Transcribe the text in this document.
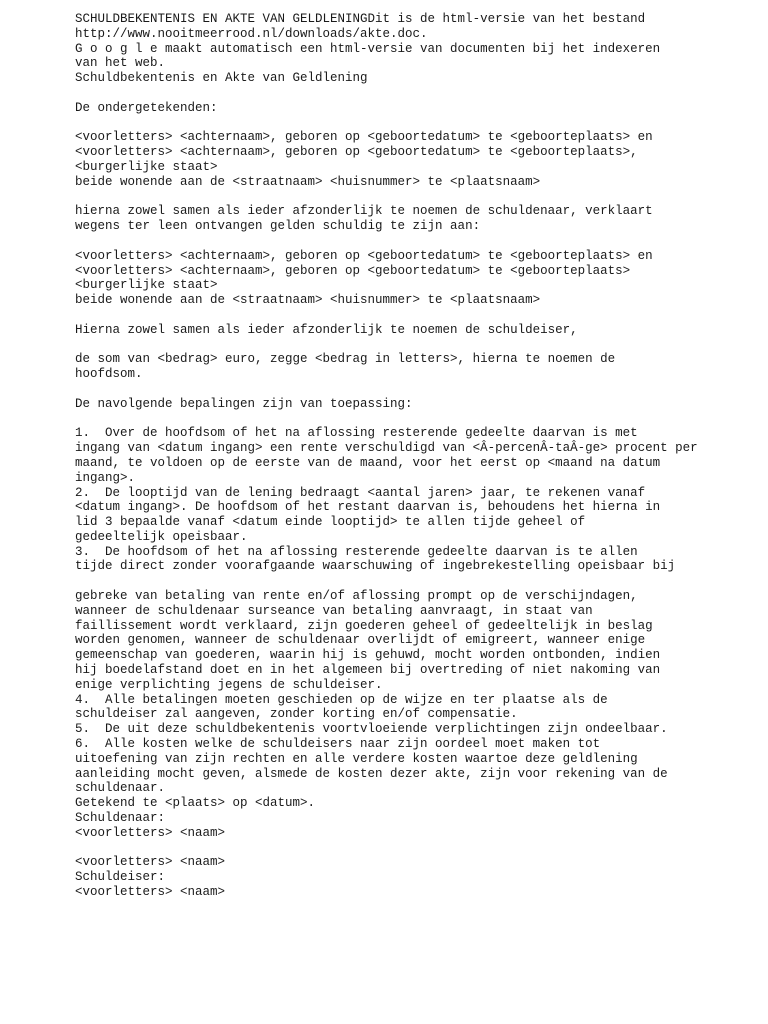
SCHULDBEKENTENIS EN AKTE VAN GELDLENINGDit is de html-versie van het bestand
http://www.nooitmeerrood.nl/downloads/akte.doc.
G o o g l e maakt automatisch een html-versie van documenten bij het indexeren
van het web.
Schuldbekentenis en Akte van Geldlening
De ondergetekenden:
<voorletters> <achternaam>, geboren op <geboortedatum> te <geboorteplaats> en
<voorletters> <achternaam>, geboren op <geboortedatum> te <geboorteplaats>,
<burgerlijke staat>
beide wonende aan de <straatnaam> <huisnummer> te <plaatsnaam>
hierna zowel samen als ieder afzonderlijk te noemen de schuldenaar, verklaart
wegens ter leen ontvangen gelden schuldig te zijn aan:
<voorletters> <achternaam>, geboren op <geboortedatum> te <geboorteplaats> en
<voorletters> <achternaam>, geboren op <geboortedatum> te <geboorteplaats>
<burgerlijke staat>
beide wonende aan de <straatnaam> <huisnummer> te <plaatsnaam>
Hierna zowel samen als ieder afzonderlijk te noemen de schuldeiser,
de som van <bedrag> euro, zegge <bedrag in letters>, hierna te noemen de
hoofdsom.
De navolgende bepalingen zijn van toepassing:
1.  Over de hoofdsom of het na aflossing resterende gedeelte daarvan is met
ingang van <datum ingang> een rente verschuldigd van <Â-percenÂ-taÂ-ge> procent per
maand, te voldoen op de eerste van de maand, voor het eerst op <maand na datum
ingang>.
2.  De looptijd van de lening bedraagt <aantal jaren> jaar, te rekenen vanaf
<datum ingang>. De hoofdsom of het restant daarvan is, behoudens het hierna in
lid 3 bepaalde vanaf <datum einde looptijd> te allen tijde geheel of
gedeeltelijk opeisbaar.
3.  De hoofdsom of het na aflossing resterende gedeelte daarvan is te allen
tijde direct zonder voorafgaande waarschuwing of ingebrekestelling opeisbaar bij
gebreke van betaling van rente en/of aflossing prompt op de verschijndagen,
wanneer de schuldenaar surseance van betaling aanvraagt, in staat van
faillissement wordt verklaard, zijn goederen geheel of gedeeltelijk in beslag
worden genomen, wanneer de schuldenaar overlijdt of emigreert, wanneer enige
gemeenschap van goederen, waarin hij is gehuwd, mocht worden ontbonden, indien
hij boedelafstand doet en in het algemeen bij overtreding of niet nakoming van
enige verplichting jegens de schuldeiser.
4.  Alle betalingen moeten geschieden op de wijze en ter plaatse als de
schuldeiser zal aangeven, zonder korting en/of compensatie.
5.  De uit deze schuldbekentenis voortvloeiende verplichtingen zijn ondeelbaar.
6.  Alle kosten welke de schuldeisers naar zijn oordeel moet maken tot
uitoefening van zijn rechten en alle verdere kosten waartoe deze geldlening
aanleiding mocht geven, alsmede de kosten dezer akte, zijn voor rekening van de
schuldenaar.
Getekend te <plaats> op <datum>.
Schuldenaar:
<voorletters> <naam>
<voorletters> <naam>
Schuldeiser:
<voorletters> <naam>
